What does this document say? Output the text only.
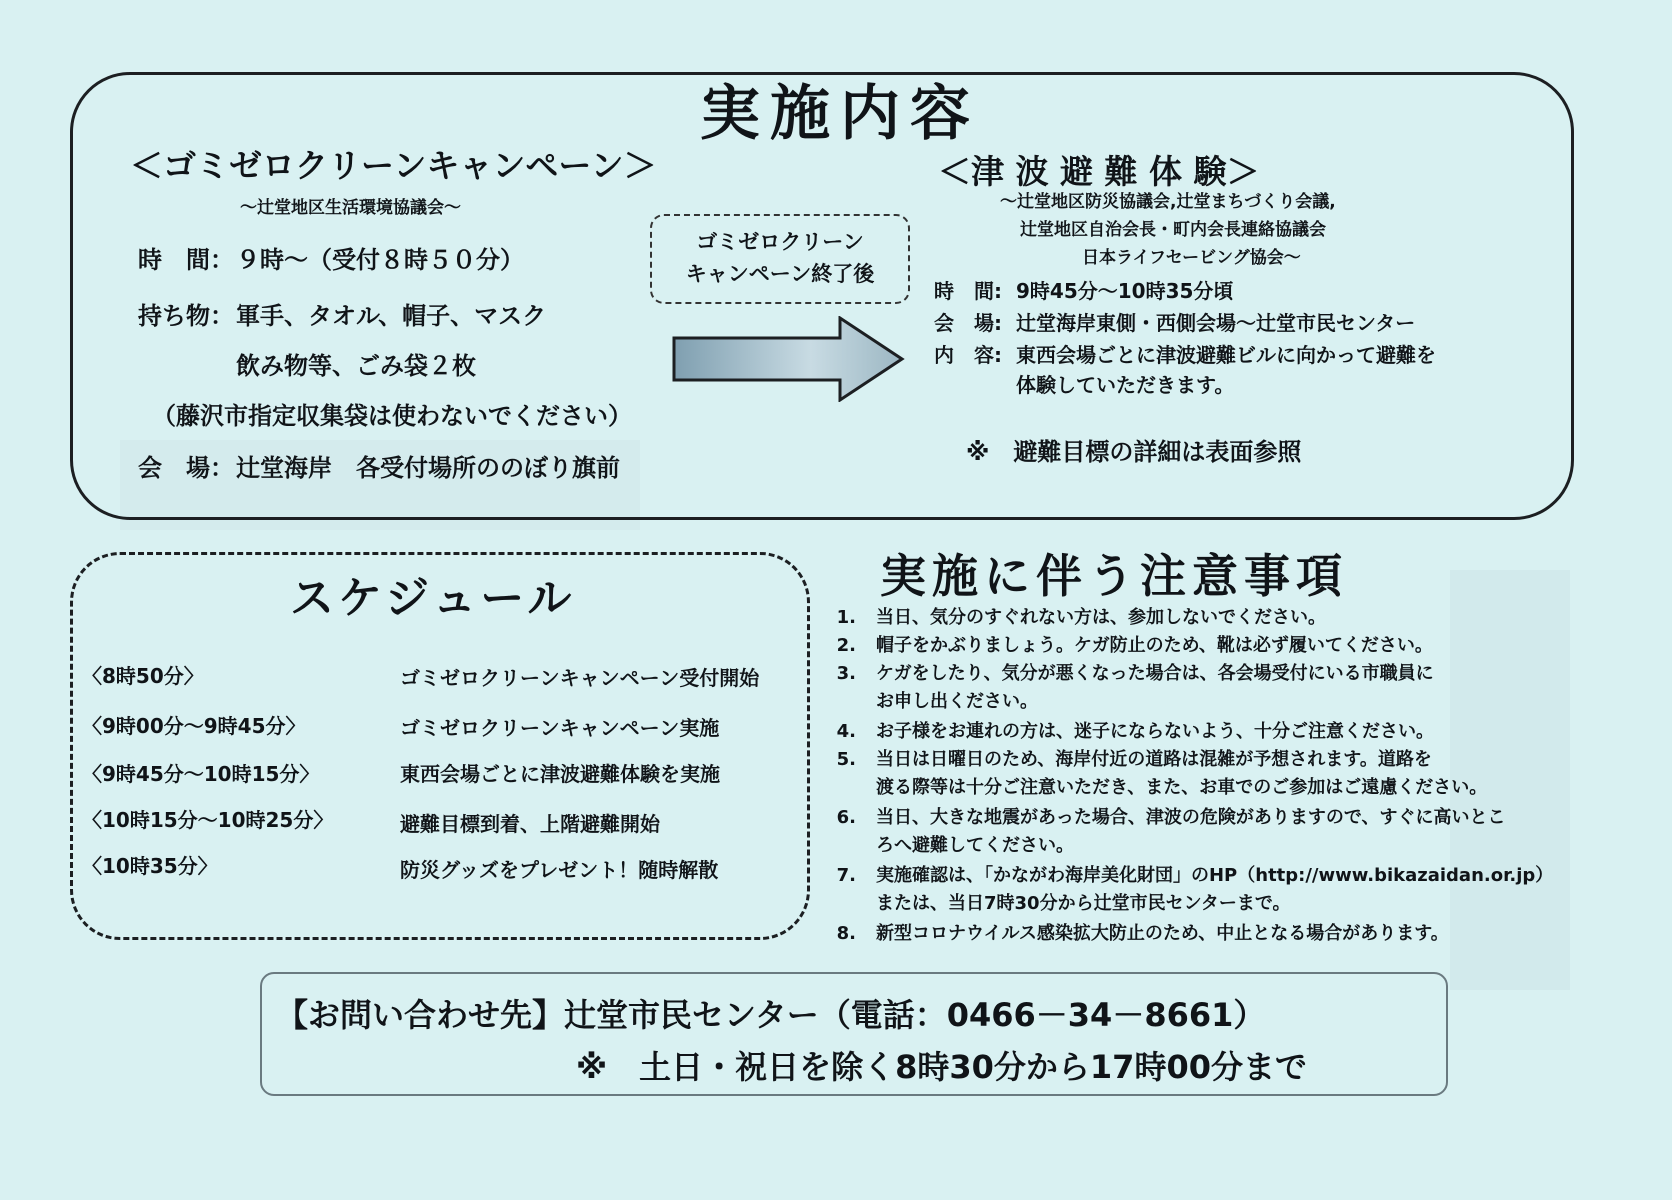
実施内容
＜ゴミゼロクリーンキャンペーン＞
～辻堂地区生活環境協議会～
時　間： ９時～（受付８時５０分）
持ち物： 軍手、タオル、帽子、マスク
飲み物等、ごみ袋２枚
（藤沢市指定収集袋は使わないでください）
会　場： 辻堂海岸　各受付場所ののぼり旗前
ゴミゼロクリーン
キャンペーン終了後
＜津 波 避 難 体 験＞
～辻堂地区防災協議会,辻堂まちづくり会議,
辻堂地区自治会長・町内会長連絡協議会
日本ライフセービング協会～
時　間: 9時45分～10時35分頃
会　場: 辻堂海岸東側・西側会場～辻堂市民センター
内　容: 東西会場ごとに津波避難ビルに向かって避難を
体験していただきます。
※　避難目標の詳細は表面参照
スケジュール
〈8時50分〉	ゴミゼロクリーンキャンペーン受付開始
〈9時00分～9時45分〉	ゴミゼロクリーンキャンペーン実施
〈9時45分～10時15分〉	東西会場ごとに津波避難体験を実施
〈10時15分～10時25分〉	避難目標到着、上階避難開始
〈10時35分〉	防災グッズをプレゼント！随時解散
実施に伴う注意事項
1. 当日、気分のすぐれない方は、参加しないでください。
2. 帽子をかぶりましょう。ケガ防止のため、靴は必ず履いてください。
3. ケガをしたり、気分が悪くなった場合は、各会場受付にいる市職員に
お申し出ください。
4. お子様をお連れの方は、迷子にならないよう、十分ご注意ください。
5. 当日は日曜日のため、海岸付近の道路は混雑が予想されます。道路を
渡る際等は十分ご注意いただき、また、お車でのご参加はご遠慮ください。
6. 当日、大きな地震があった場合、津波の危険がありますので、すぐに高いとこ
ろへ避難してください。
7. 実施確認は、「かながわ海岸美化財団」のHP（http://www.bikazaidan.or.jp）
または、当日7時30分から辻堂市民センターまで。
8. 新型コロナウイルス感染拡大防止のため、中止となる場合があります。
【お問い合わせ先】辻堂市民センター（電話：0466－34－8661）
※　土日・祝日を除く8時30分から17時00分まで
